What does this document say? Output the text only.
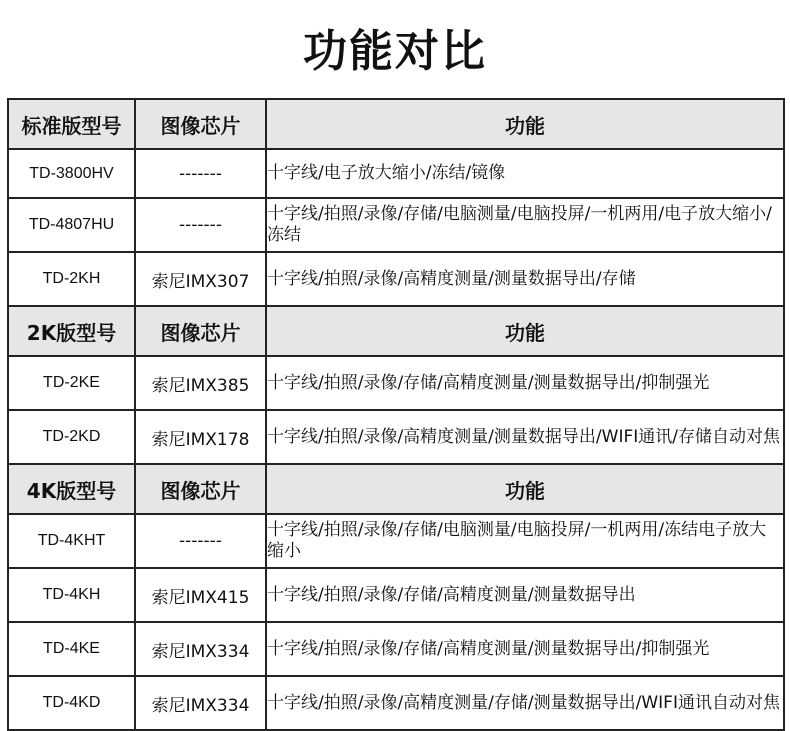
功能对比
标准版型号	图像芯片	功能
TD-3800HV	-------	十字线/电子放大缩小/冻结/镜像
TD-4807HU	-------	十字线/拍照/录像/存储/电脑测量/电脑投屏/一机两用/电子放大缩小/冻结
TD-2KH	索尼IMX307	十字线/拍照/录像/高精度测量/测量数据导出/存储
2K版型号	图像芯片	功能
TD-2KE	索尼IMX385	十字线/拍照/录像/存储/高精度测量/测量数据导出/抑制强光
TD-2KD	索尼IMX178	十字线/拍照/录像/高精度测量/测量数据导出/WIFI通讯/存储自动对焦
4K版型号	图像芯片	功能
TD-4KHT	-------	十字线/拍照/录像/存储/电脑测量/电脑投屏/一机两用/冻结电子放大缩小
TD-4KH	索尼IMX415	十字线/拍照/录像/存储/高精度测量/测量数据导出
TD-4KE	索尼IMX334	十字线/拍照/录像/存储/高精度测量/测量数据导出/抑制强光
TD-4KD	索尼IMX334	十字线/拍照/录像/高精度测量/存储/测量数据导出/WIFI通讯自动对焦
